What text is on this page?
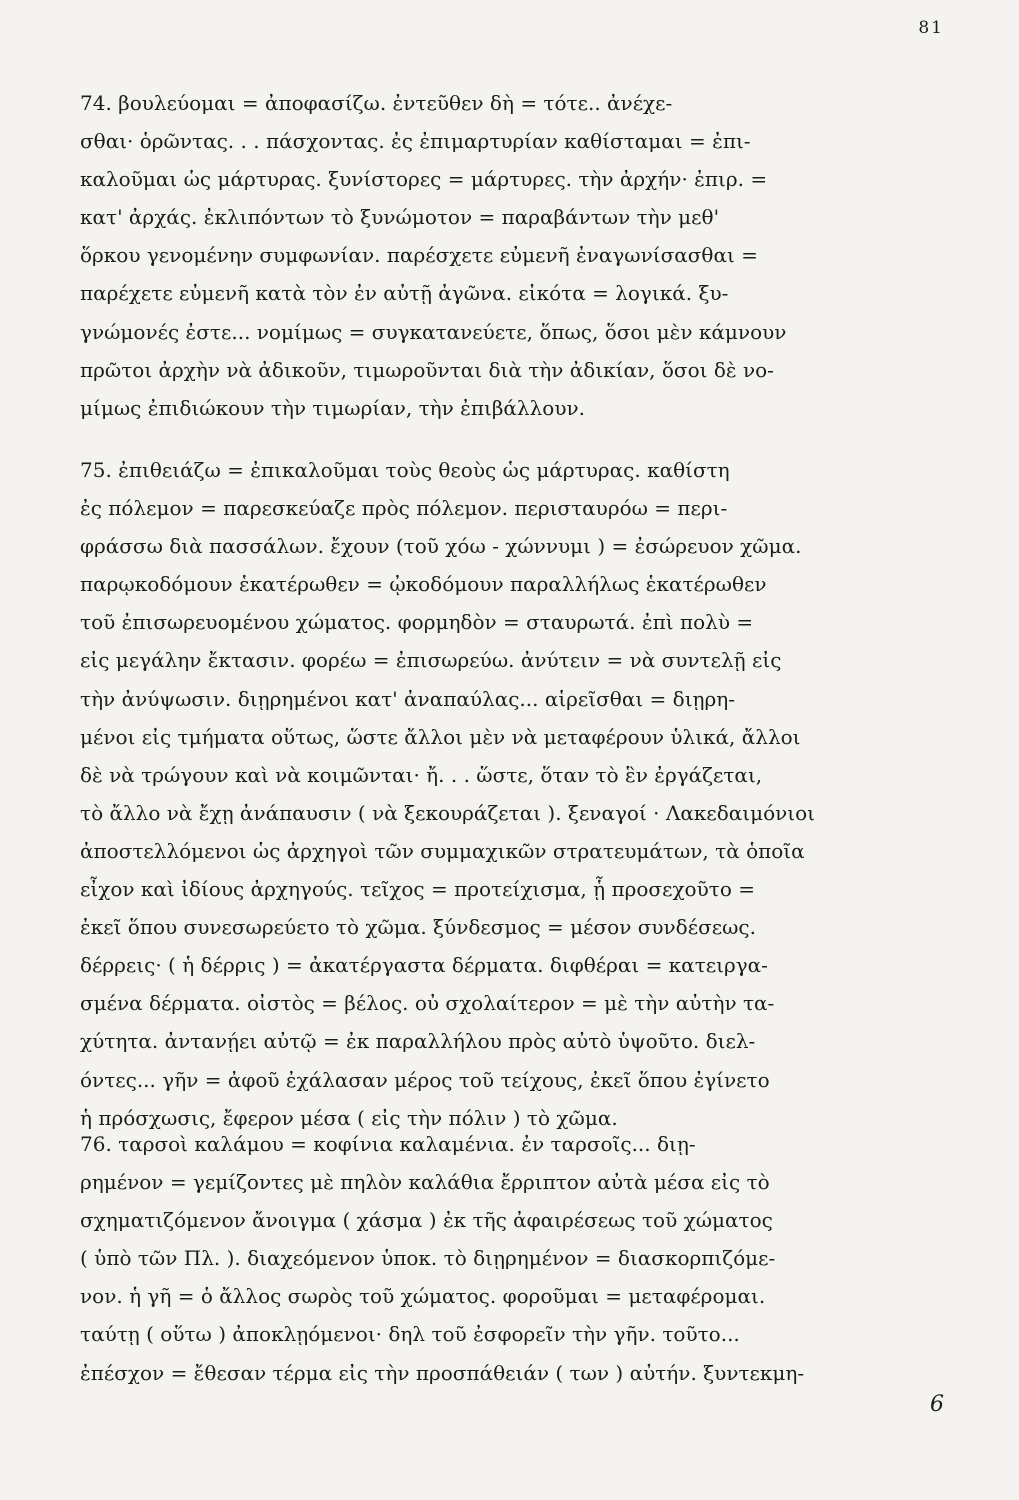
81
74. βουλεύομαι = ἀποφασίζω. ἐντεῦθεν δὴ = τότε.. ἀνέχε-
σθαι· ὁρῶντας. . . πάσχοντας. ἐς ἐπιμαρτυρίαν καθίσταμαι = ἐπι-
καλοῦμαι ὡς μάρτυρας. ξυνίστορες = μάρτυρες. τὴν ἀρχήν· ἐπιρ. =
κατ' ἀρχάς. ἐκλιπόντων τὸ ξυνώμοτον = παραβάντων τὴν μεθ'
ὅρκου γενομένην συμφωνίαν. παρέσχετε εὐμενῆ ἐναγωνίσασθαι =
παρέχετε εὐμενῆ κατὰ τὸν ἐν αὐτῇ ἀγῶνα. εἰκότα = λογικά. ξυ-
γνώμονές ἐστε... νομίμως = συγκατανεύετε, ὅπως, ὅσοι μὲν κάμνουν
πρῶτοι ἀρχὴν νὰ ἀδικοῦν, τιμωροῦνται διὰ τὴν ἀδικίαν, ὅσοι δὲ νο-
μίμως ἐπιδιώκουν τὴν τιμωρίαν, τὴν ἐπιβάλλουν.
75. ἐπιθειάζω = ἐπικαλοῦμαι τοὺς θεοὺς ὡς μάρτυρας. καθίστη
ἐς πόλεμον = παρεσκεύαζε πρὸς πόλεμον. περισταυρόω = περι-
φράσσω διὰ πασσάλων. ἔχουν (τοῦ χόω - χώννυμι ) = ἐσώρευον χῶμα.
παρῳκοδόμουν ἑκατέρωθεν = ᾠκοδόμουν παραλλήλως ἑκατέρωθεν
τοῦ ἐπισωρευομένου χώματος. φορμηδὸν = σταυρωτά. ἐπὶ πολὺ =
εἰς μεγάλην ἔκτασιν. φορέω = ἐπισωρεύω. ἀνύτειν = νὰ συντελῇ εἰς
τὴν ἀνύψωσιν. διῃρημένοι κατ' ἀναπαύλας... αἱρεῖσθαι = διῃρη-
μένοι εἰς τμήματα οὕτως, ὥστε ἄλλοι μὲν νὰ μεταφέρουν ὑλικά, ἄλλοι
δὲ νὰ τρώγουν καὶ νὰ κοιμῶνται· ἤ. . . ὥστε, ὅταν τὸ ἓν ἐργάζεται,
τὸ ἄλλο νὰ ἔχῃ ἀνάπαυσιν ( νὰ ξεκουράζεται ). ξεναγοί · Λακεδαιμόνιοι
ἀποστελλόμενοι ὡς ἀρχηγοὶ τῶν συμμαχικῶν στρατευμάτων, τὰ ὁποῖα
εἶχον καὶ ἰδίους ἀρχηγούς. τεῖχος = προτείχισμα, ᾗ προσεχοῦτο =
ἐκεῖ ὅπου συνεσωρεύετο τὸ χῶμα. ξύνδεσμος = μέσον συνδέσεως.
δέρρεις· ( ἡ δέρρις ) = ἀκατέργαστα δέρματα. διφθέραι = κατειργα-
σμένα δέρματα. οἰστὸς = βέλος. οὐ σχολαίτερον = μὲ τὴν αὐτὴν τα-
χύτητα. ἀντανῄει αὐτῷ = ἐκ παραλλήλου πρὸς αὐτὸ ὑψοῦτο. διελ-
όντες... γῆν = ἀφοῦ ἐχάλασαν μέρος τοῦ τείχους, ἐκεῖ ὅπου ἐγίνετο
ἡ πρόσχωσις, ἔφερον μέσα ( εἰς τὴν πόλιν ) τὸ χῶμα.
76. ταρσοὶ καλάμου = κοφίνια καλαμένια. ἐν ταρσοῖς... διῃ-
ρημένον = γεμίζοντες μὲ πηλὸν καλάθια ἔρριπτον αὐτὰ μέσα εἰς τὸ
σχηματιζόμενον ἄνοιγμα ( χάσμα ) ἐκ τῆς ἀφαιρέσεως τοῦ χώματος
( ὑπὸ τῶν Πλ. ). διαχεόμενον ὑποκ. τὸ διῃρημένον = διασκορπιζόμε-
νον. ἡ γῆ = ὁ ἄλλος σωρὸς τοῦ χώματος. φοροῦμαι = μεταφέρομαι.
ταύτῃ ( οὕτω ) ἀποκλῃόμενοι· δηλ τοῦ ἐσφορεῖν τὴν γῆν. τοῦτο...
ἐπέσχον = ἔθεσαν τέρμα εἰς τὴν προσπάθειάν ( των ) αὐτήν. ξυντεκμη-
6
